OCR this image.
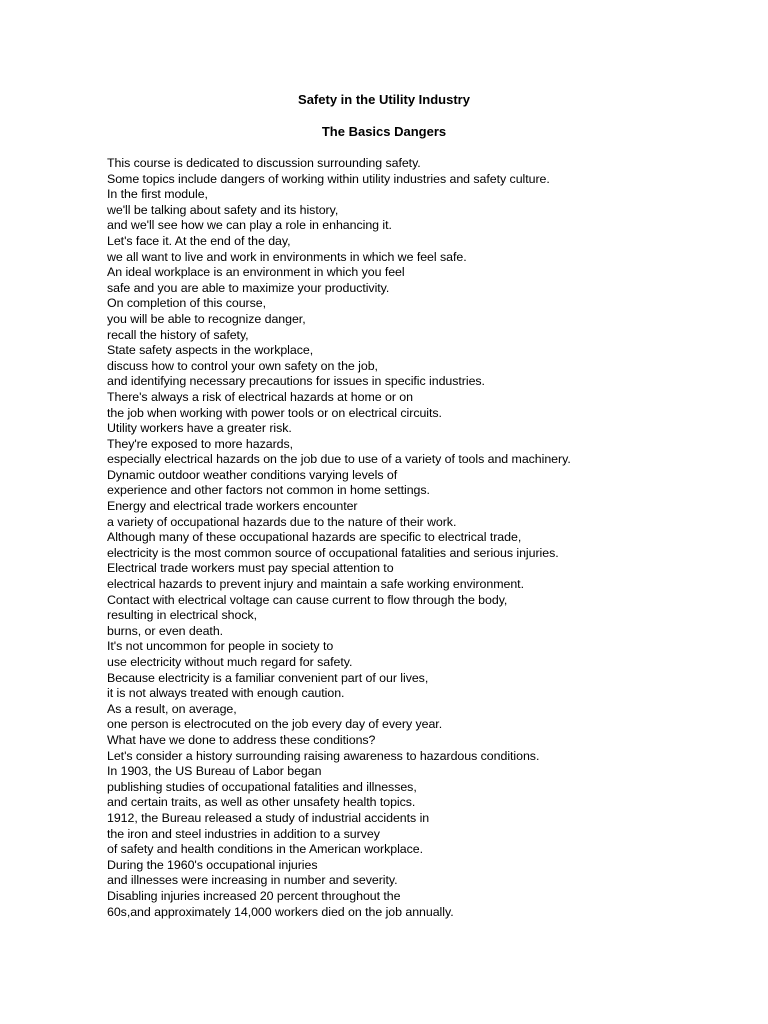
Safety in the Utility Industry
The Basics Dangers
This course is dedicated to discussion surrounding safety.
Some topics include dangers of working within utility industries and safety culture.
In the first module,
we'll be talking about safety and its history,
and we'll see how we can play a role in enhancing it.
Let's face it. At the end of the day,
we all want to live and work in environments in which we feel safe.
An ideal workplace is an environment in which you feel
safe and you are able to maximize your productivity.
On completion of this course,
you will be able to recognize danger,
recall the history of safety,
State safety aspects in the workplace,
discuss how to control your own safety on the job,
and identifying necessary precautions for issues in specific industries.
There's always a risk of electrical hazards at home or on
the job when working with power tools or on electrical circuits.
Utility workers have a greater risk.
They're exposed to more hazards,
especially electrical hazards on the job due to use of a variety of tools and machinery.
Dynamic outdoor weather conditions varying levels of
experience and other factors not common in home settings.
Energy and electrical trade workers encounter
a variety of occupational hazards due to the nature of their work.
Although many of these occupational hazards are specific to electrical trade,
electricity is the most common source of occupational fatalities and serious injuries.
Electrical trade workers must pay special attention to
electrical hazards to prevent injury and maintain a safe working environment.
Contact with electrical voltage can cause current to flow through the body,
resulting in electrical shock,
burns, or even death.
It's not uncommon for people in society to
use electricity without much regard for safety.
Because electricity is a familiar convenient part of our lives,
it is not always treated with enough caution.
As a result, on average,
one person is electrocuted on the job every day of every year.
What have we done to address these conditions?
Let's consider a history surrounding raising awareness to hazardous conditions.
In 1903, the US Bureau of Labor began
publishing studies of occupational fatalities and illnesses,
and certain traits, as well as other unsafety health topics.
1912, the Bureau released a study of industrial accidents in
the iron and steel industries in addition to a survey
of safety and health conditions in the American workplace.
During the 1960's occupational injuries
and illnesses were increasing in number and severity.
Disabling injuries increased 20 percent throughout the
60s,and approximately 14,000 workers died on the job annually.
